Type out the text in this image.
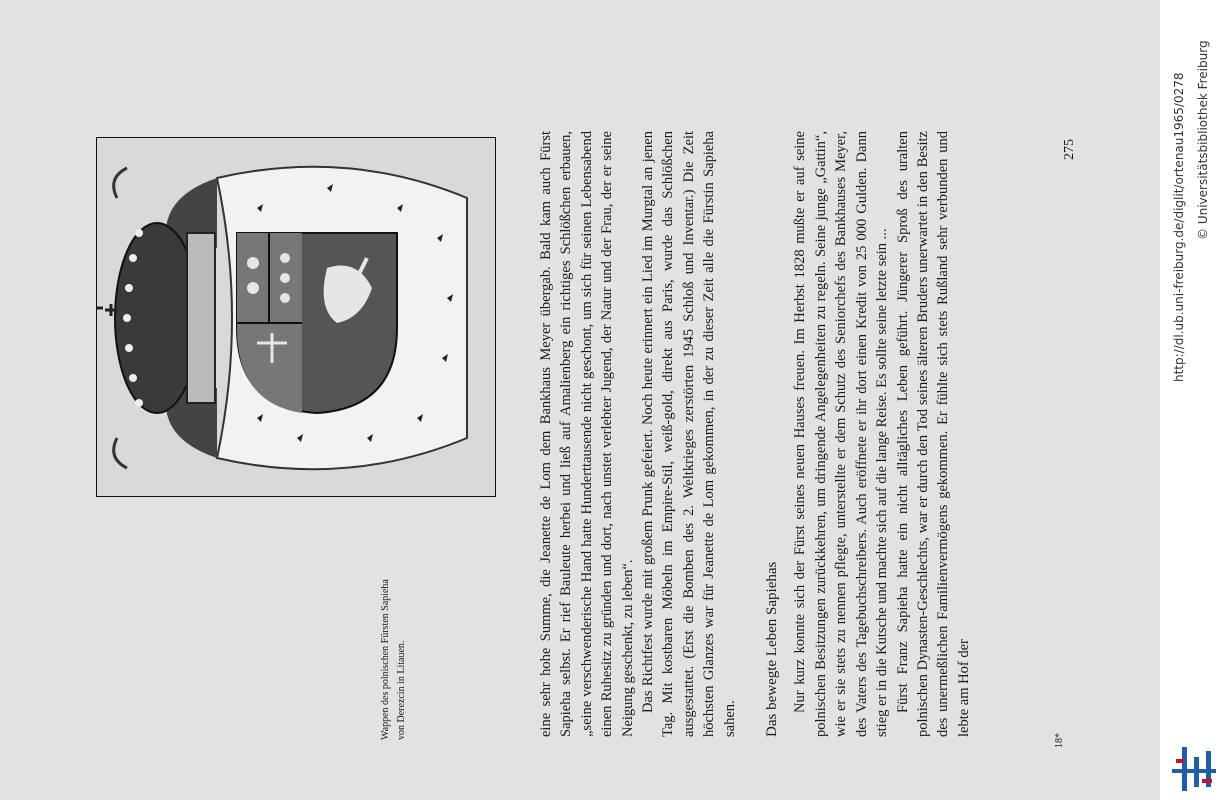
Wappen des polnischen Fürsten Sapieha von Derezcin in Litauen.	eine sehr hohe Summe, die Jeanette de Lom dem Bankhaus Meyer übergab. Bald kam auch Fürst Sapieha selbst. Er rief Bauleute herbei und ließ auf Amalienberg ein richtiges Schlößchen erbauen, „seine verschwenderische Hand hatte Hunderttausende nicht geschont, um sich für seinen Lebensabend einen Ruhesitz zu gründen und dort, nach unstet verlebter Jugend, der Natur und der Frau, der er seine Neigung geschenkt, zu leben“. Das Richtfest wurde mit großem Prunk gefeiert. Noch heute erinnert ein Lied im Murgtal an jenen Tag. Mit kostbaren Möbeln im Empire-Stil, weiß-gold, direkt aus Paris, wurde das Schlößchen ausgestattet. (Erst die Bomben des 2. Weltkrieges zerstörten 1945 Schloß und Inventar.) Die Zeit höchsten Glanzes war für Jeanette de Lom gekommen, in der zu dieser Zeit alle die Fürstin Sapieha sahen. Das bewegte Leben Sapiehas Nur kurz konnte sich der Fürst seines neuen Hauses freuen. Im Herbst 1828 mußte er auf seine polnischen Besitzungen zurückkehren, um dringende Angelegenheiten zu regeln. Seine junge „Gattin“, wie er sie stets zu nennen pflegte, unterstellte er dem Schutz des Seniorchefs des Bankhauses Meyer, des Vaters des Tagebuchschreibers. Auch eröffnete er ihr dort einen Kredit von 25 000 Gulden. Dann stieg er in die Kutsche und machte sich auf die lange Reise. Es sollte seine letzte sein ... Fürst Franz Sapieha hatte ein nicht alltägliches Leben geführt. Jüngerer Sproß des uralten polnischen Dynasten-Geschlechts, war er durch den Tod seines älteren Bruders unerwartet in den Besitz des unermeßlichen Familienvermögens gekommen. Er fühlte sich stets Rußland sehr verbunden und lebte am Hof der

275
18*
http://dl.ub.uni-freiburg.de/diglit/ortenau1965/0278 © Universitätsbibliothek Freiburg
